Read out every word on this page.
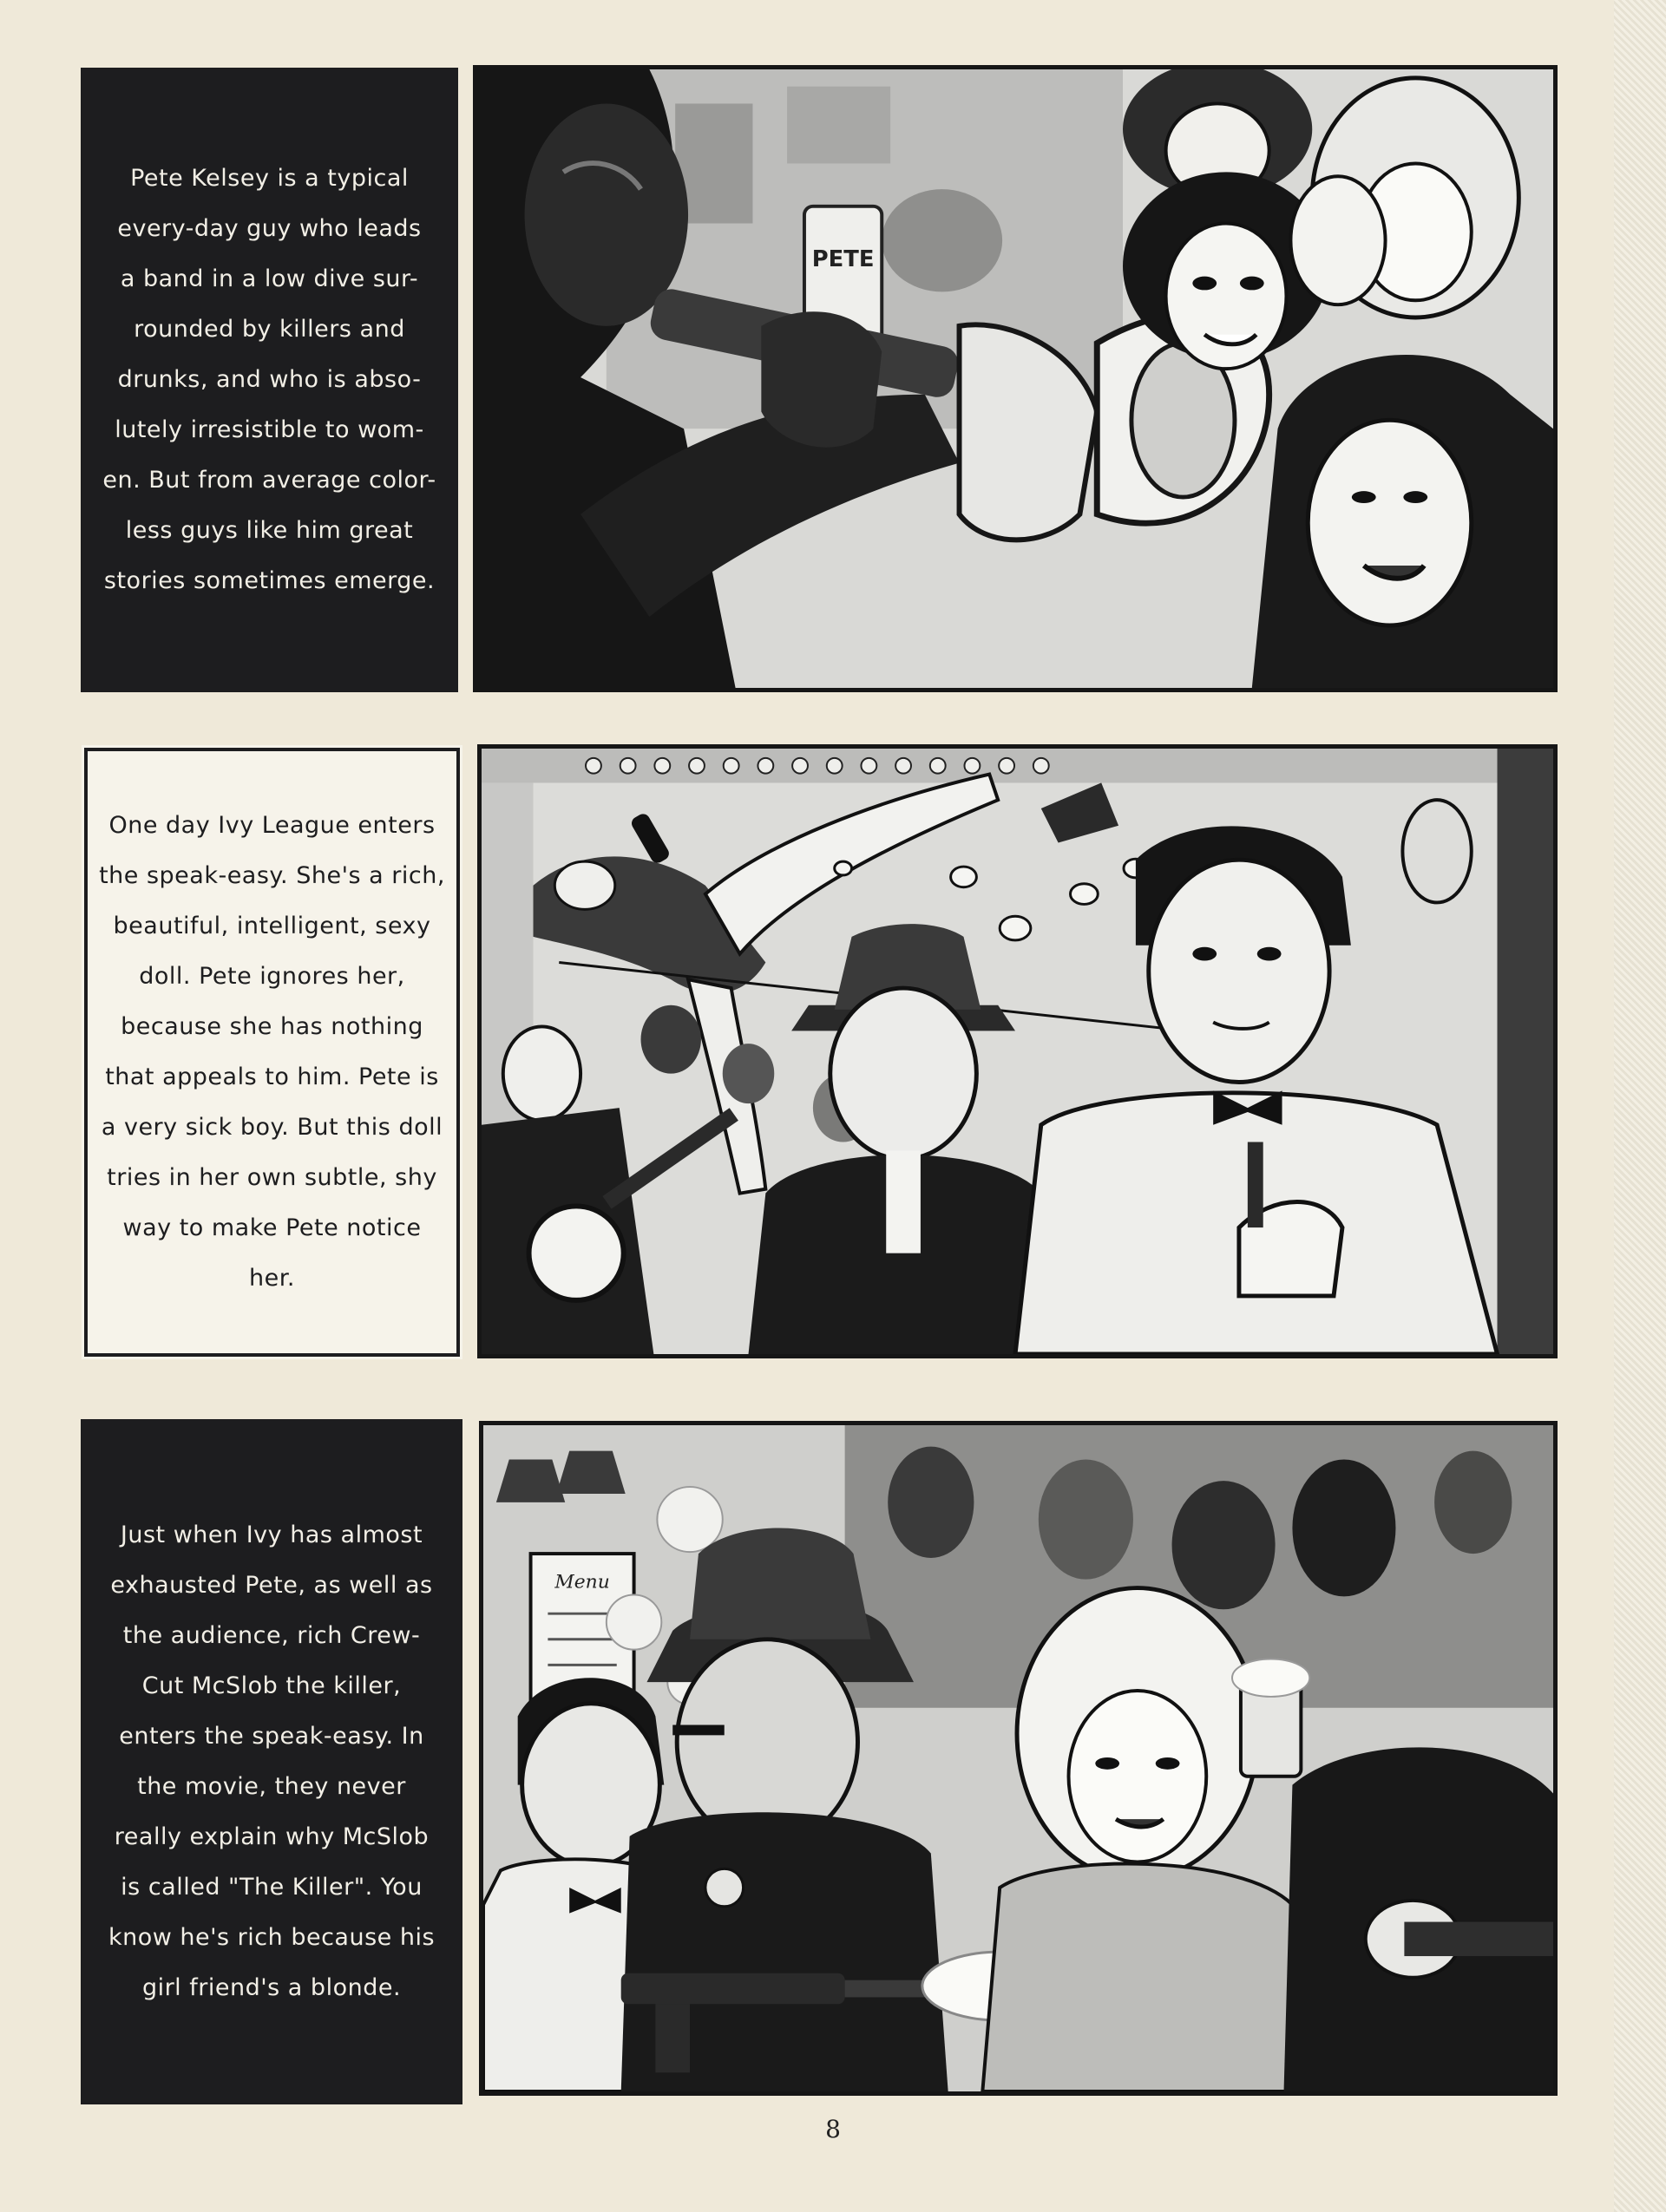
Pete Kelsey is a typical
every-day guy who leads
a band in a low dive sur-
rounded by killers and
drunks, and who is abso-
lutely irresistible to wom-
en. But from average color-
less guys like him great
stories sometimes emerge.
PETE
One day Ivy League enters
the speak-easy. She's a rich,
beautiful, intelligent, sexy
doll. Pete ignores her,
because she has nothing
that appeals to him. Pete is
a very sick boy. But this doll
tries in her own subtle, shy
way to make Pete notice
her.
Just when Ivy has almost
exhausted Pete, as well as
the audience, rich Crew-
Cut McSlob the killer,
enters the speak-easy. In
the movie, they never
really explain why McSlob
is called "The Killer". You
know he's rich because his
girl friend's a blonde.
Menu
8
